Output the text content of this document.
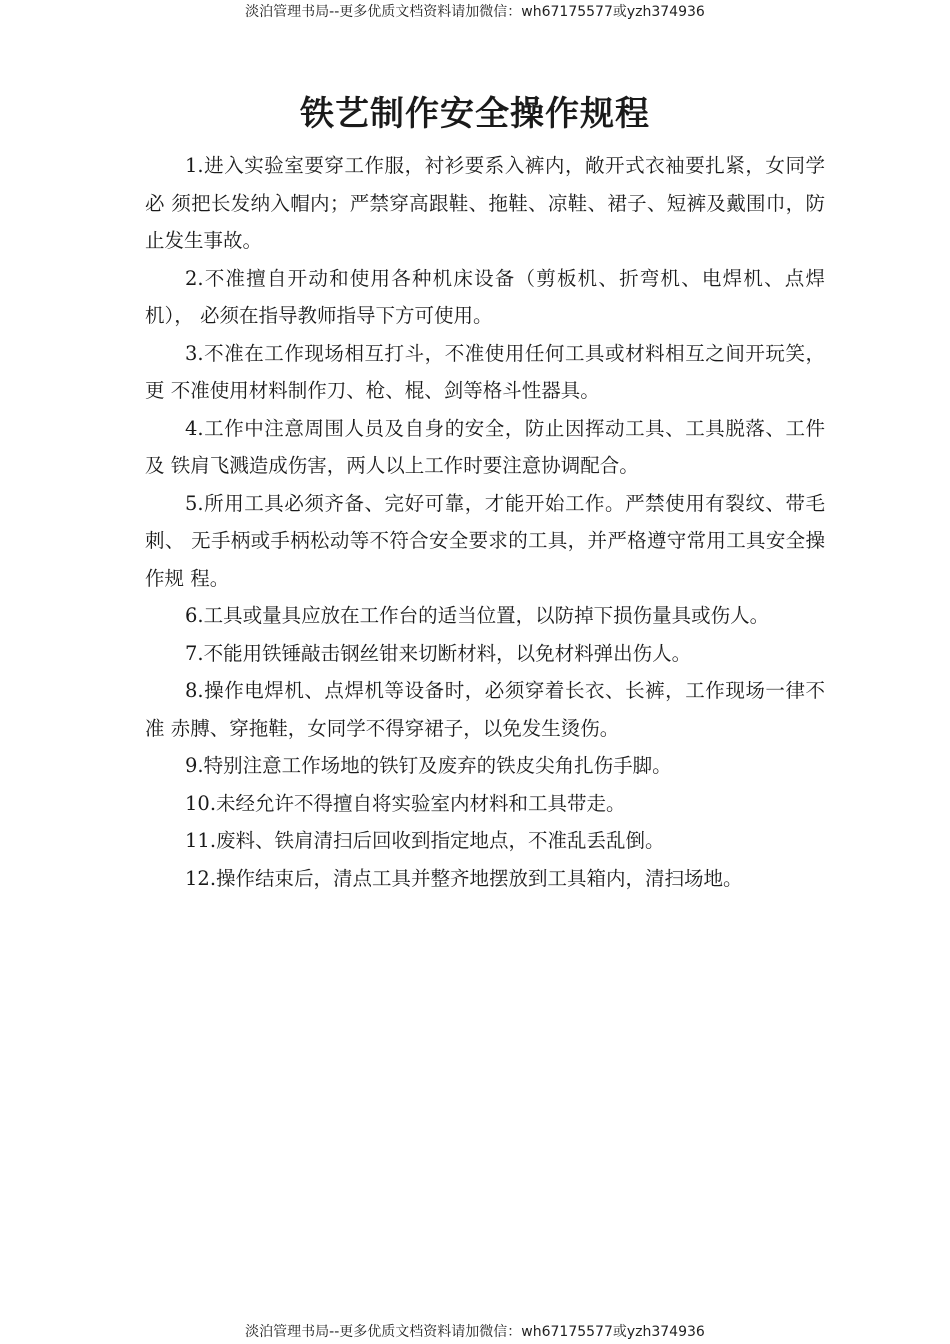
淡泊管理书局--更多优质文档资料请加微信：wh67175577或yzh374936
铁艺制作安全操作规程
1.进入实验室要穿工作服，衬衫要系入裤内，敞开式衣袖要扎紧，女同学必 须把长发纳入帽内；严禁穿高跟鞋、拖鞋、凉鞋、裙子、短裤及戴围巾，防止发生事故。
2.不准擅自开动和使用各种机床设备（剪板机、折弯机、电焊机、点焊机）， 必须在指导教师指导下方可使用。
3.不准在工作现场相互打斗，不准使用任何工具或材料相互之间开玩笑，更 不准使用材料制作刀、枪、棍、剑等格斗性器具。
4.工作中注意周围人员及自身的安全，防止因挥动工具、工具脱落、工件及 铁肩飞溅造成伤害，两人以上工作时要注意协调配合。
5.所用工具必须齐备、完好可靠，才能开始工作。严禁使用有裂纹、带毛刺、 无手柄或手柄松动等不符合安全要求的工具，并严格遵守常用工具安全操作规 程。
6.工具或量具应放在工作台的适当位置，以防掉下损伤量具或伤人。
7.不能用铁锤敲击钢丝钳来切断材料，以免材料弹出伤人。
8.操作电焊机、点焊机等设备时，必须穿着长衣、长裤，工作现场一律不准 赤膊、穿拖鞋，女同学不得穿裙子，以免发生烫伤。
9.特别注意工作场地的铁钉及废弃的铁皮尖角扎伤手脚。
10.未经允许不得擅自将实验室内材料和工具带走。
11.废料、铁肩清扫后回收到指定地点，不准乱丢乱倒。
12.操作结束后，清点工具并整齐地摆放到工具箱内，清扫场地。
淡泊管理书局--更多优质文档资料请加微信：wh67175577或yzh374936
